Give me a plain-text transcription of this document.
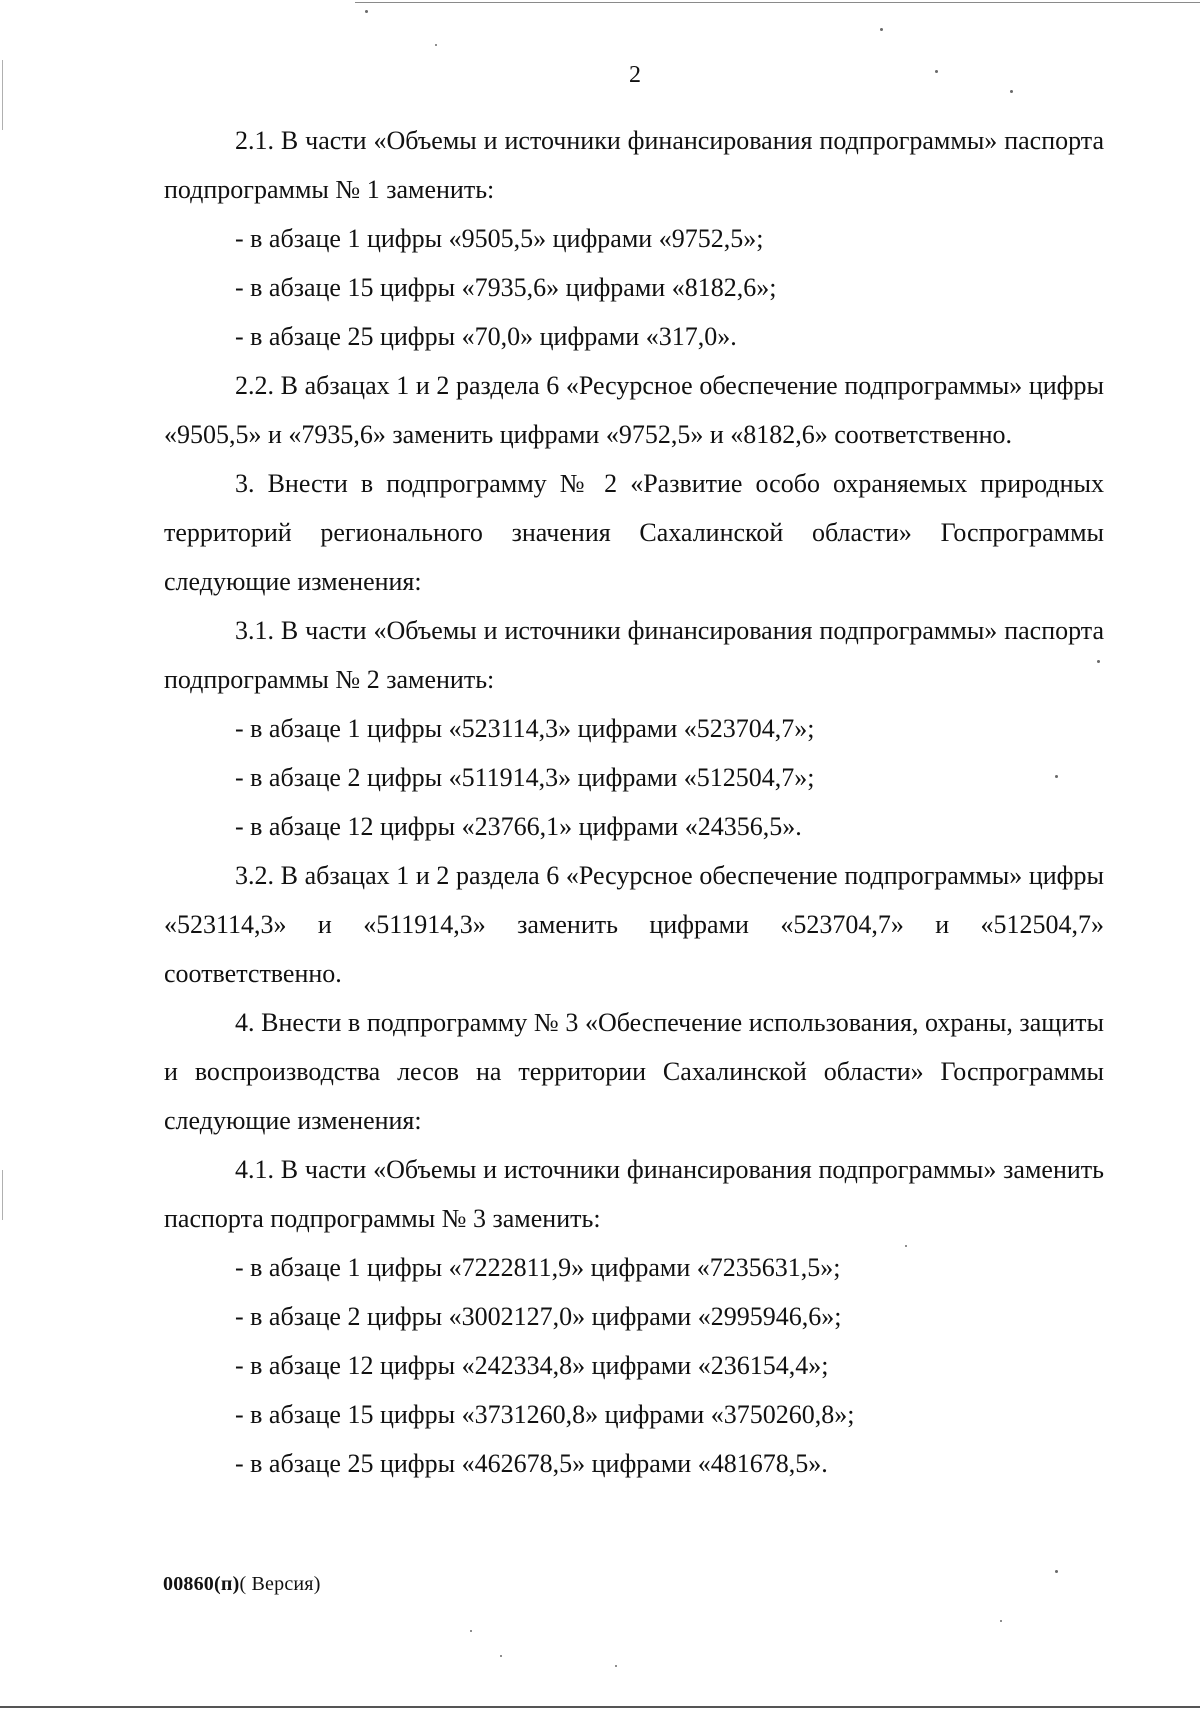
2

2.1. В части «Объемы и источники финансирования подпрограммы» паспорта подпрограммы № 1 заменить:

- в абзаце 1 цифры «9505,5» цифрами «9752,5»;

- в абзаце 15 цифры «7935,6» цифрами «8182,6»;

- в абзаце 25 цифры «70,0» цифрами «317,0».

2.2. В абзацах 1 и 2 раздела 6 «Ресурсное обеспечение подпрограммы» цифры «9505,5» и «7935,6» заменить цифрами «9752,5» и «8182,6» соответственно.

3. Внести в подпрограмму № 2 «Развитие особо охраняемых природных территорий регионального значения Сахалинской области» Госпрограммы следующие изменения:

3.1. В части «Объемы и источники финансирования подпрограммы» паспорта подпрограммы № 2 заменить:

- в абзаце 1 цифры «523114,3» цифрами «523704,7»;

- в абзаце 2 цифры «511914,3» цифрами «512504,7»;

- в абзаце 12 цифры «23766,1» цифрами «24356,5».

3.2. В абзацах 1 и 2 раздела 6 «Ресурсное обеспечение подпрограммы» цифры «523114,3» и «511914,3» заменить цифрами «523704,7» и «512504,7» соответственно.

4. Внести в подпрограмму № 3 «Обеспечение использования, охраны, защиты и воспроизводства лесов на территории Сахалинской области» Госпрограммы следующие изменения:

4.1. В части «Объемы и источники финансирования подпрограммы» заменить паспорта подпрограммы № 3 заменить:

- в абзаце 1 цифры «7222811,9» цифрами «7235631,5»;

- в абзаце 2 цифры «3002127,0» цифрами «2995946,6»;

- в абзаце 12 цифры «242334,8» цифрами «236154,4»;

- в абзаце 15 цифры «3731260,8» цифрами «3750260,8»;

- в абзаце 25 цифры «462678,5» цифрами «481678,5».

00860(п)( Версия)
